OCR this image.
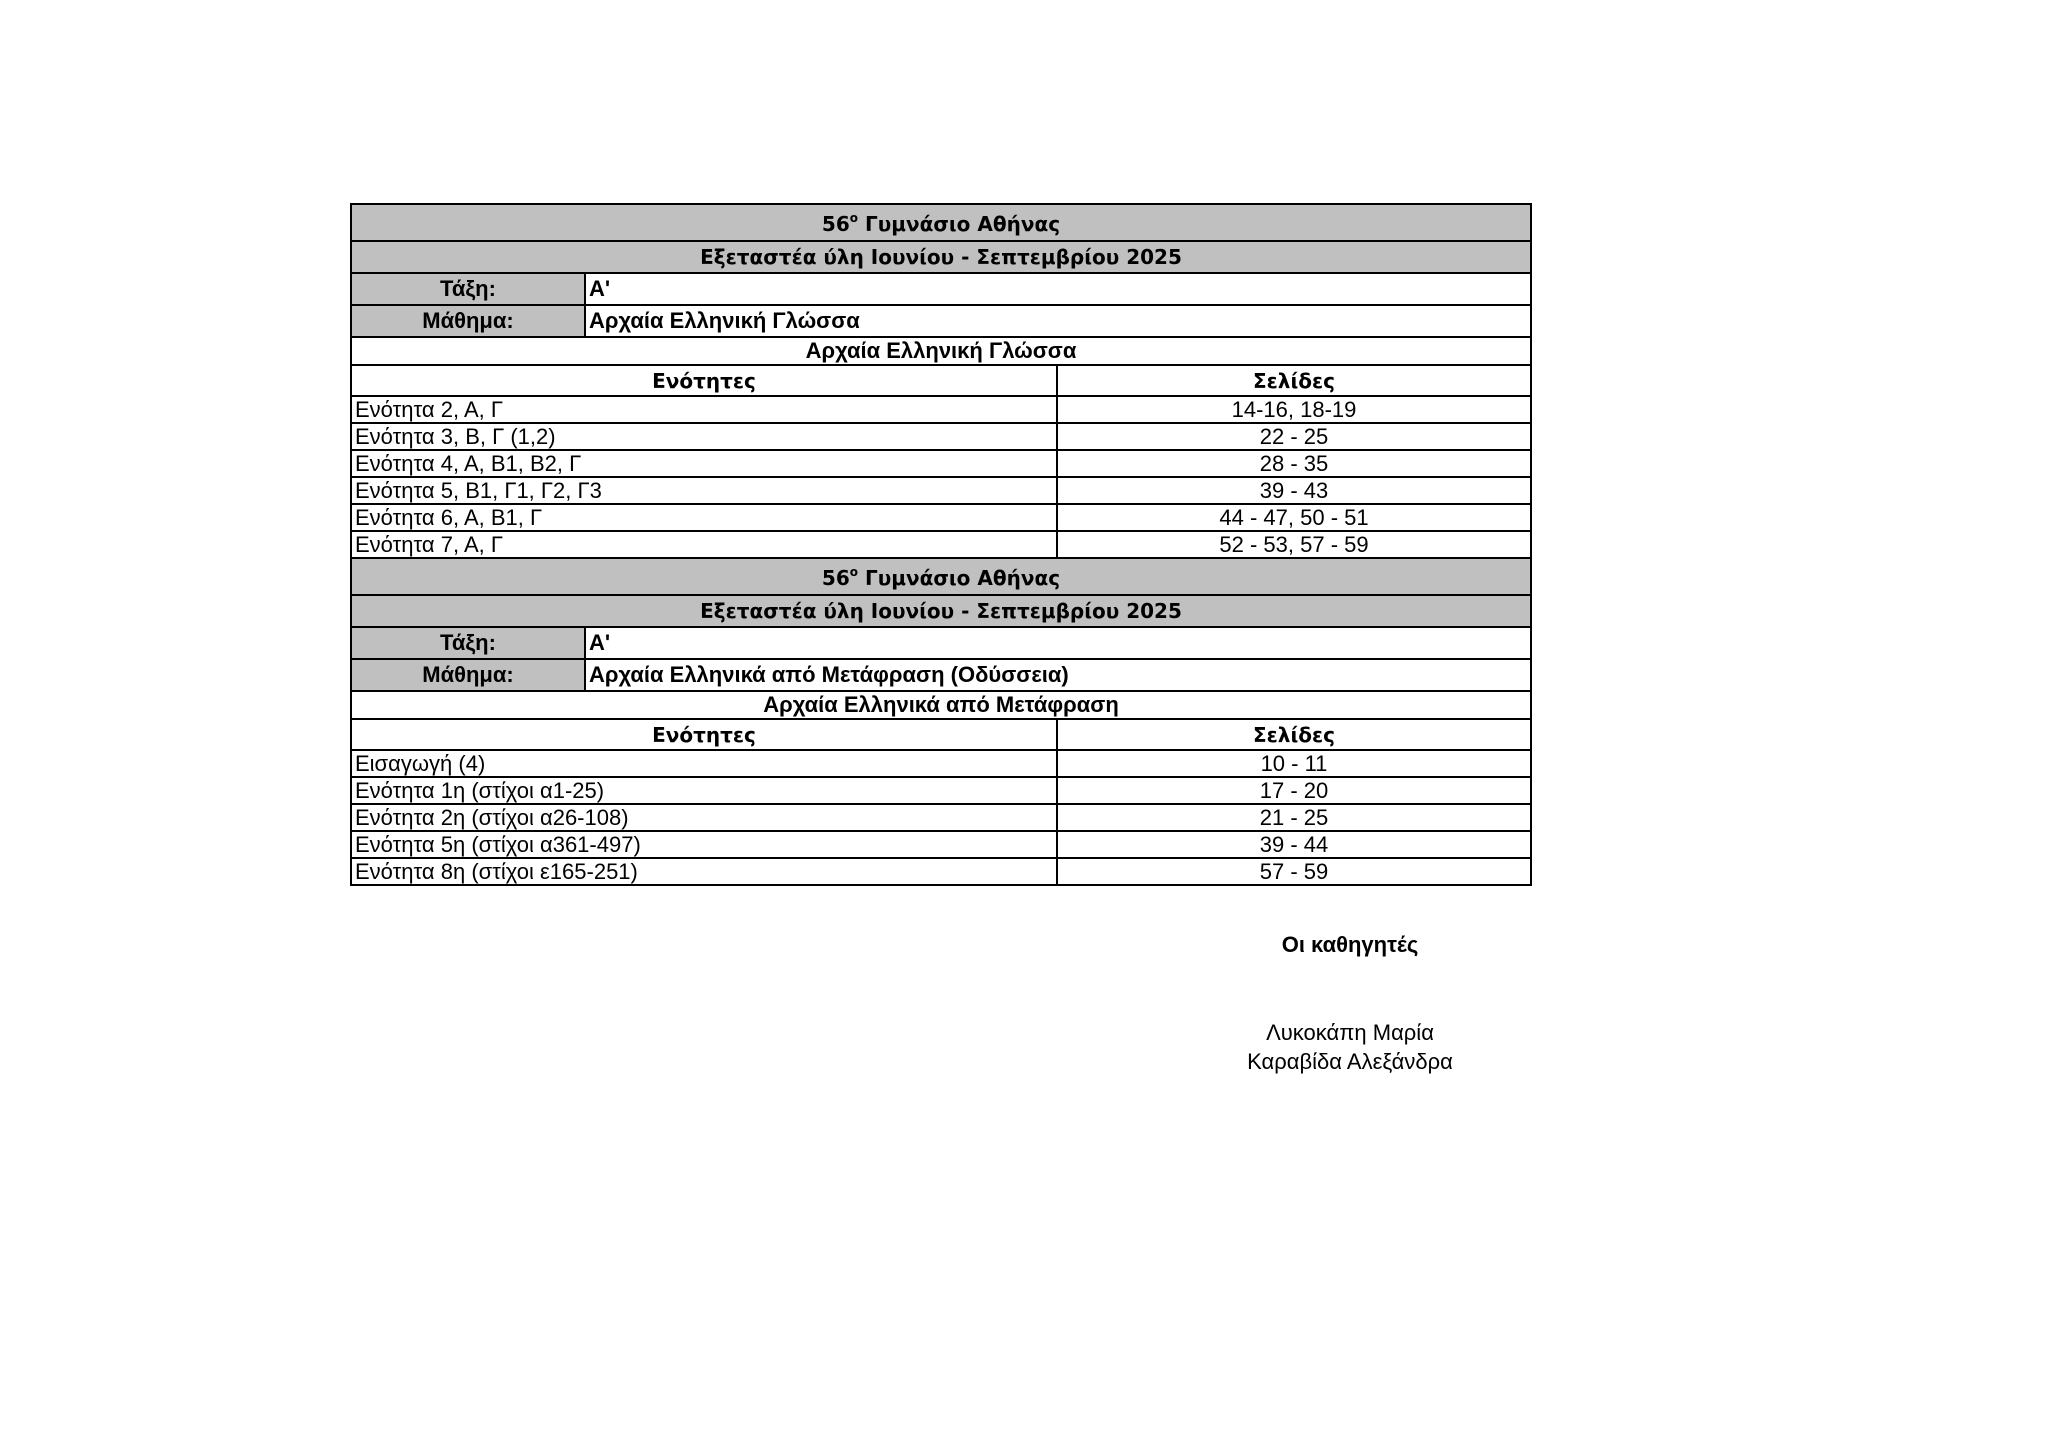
$56^o$ Γυμνάσιο Αθήνας		
Εξεταστέα ύλη Ιουνίου - Σεπτεμβρίου 2025		
Τάξη:	Α'	
Μάθημα:	Αρχαία Ελληνική Γλώσσα	
Αρχαία Ελληνική Γλώσσα		
Ενότητες		Σελίδες
Ενότητα 2, Α, Γ		14-16, 18-19
Ενότητα 3, Β, Γ (1,2)		22 - 25
Ενότητα 4, Α, Β1, Β2, Γ		28 - 35
Ενότητα 5, Β1, Γ1, Γ2, Γ3		39 - 43
Ενότητα 6, Α, Β1, Γ		44 - 47, 50 - 51
Ενότητα 7, Α, Γ		52 - 53, 57 - 59
$56^o$ Γυμνάσιο Αθήνας		
Εξεταστέα ύλη Ιουνίου - Σεπτεμβρίου 2025		
Τάξη:	Α'	
Μάθημα:	Αρχαία Ελληνικά από Μετάφραση (Οδύσσεια)	
Αρχαία Ελληνικά από Μετάφραση		
Ενότητες		Σελίδες
Εισαγωγή (4)		10 - 11
Ενότητα 1η (στίχοι α1-25)		17 - 20
Ενότητα 2η (στίχοι α26-108)		21 - 25
Ενότητα 5η (στίχοι α361-497)		39 - 44
Ενότητα 8η (στίχοι ε165-251)		57 - 59
Οι καθηγητές
Λυκοκάπη Μαρία
Καραβίδα Αλεξάνδρα
